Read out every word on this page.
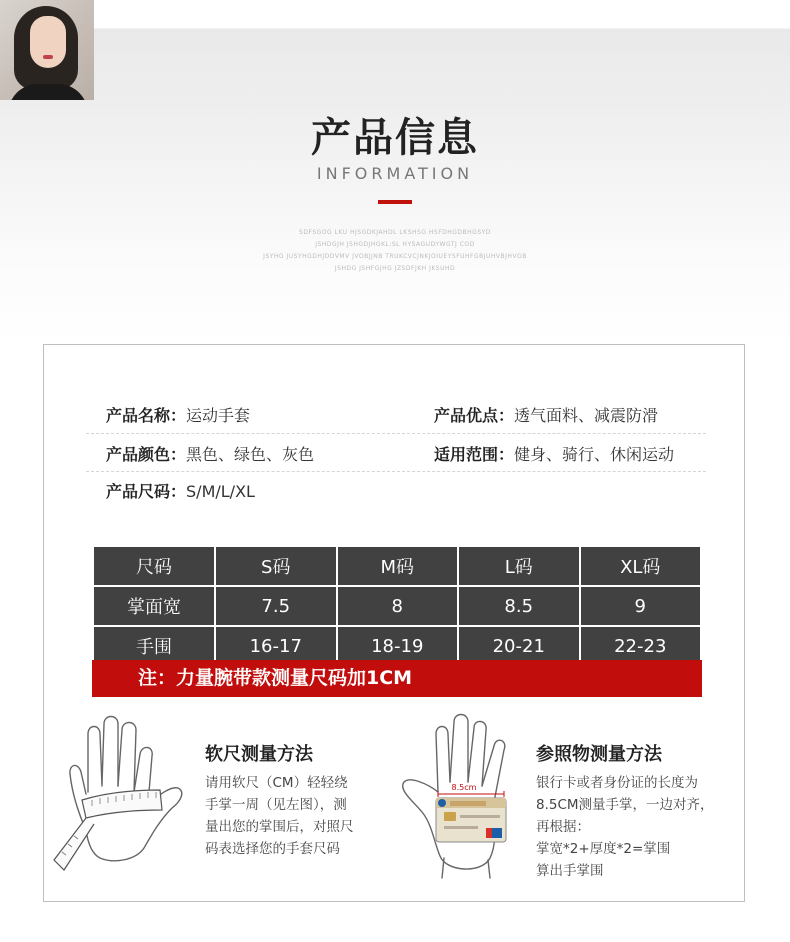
产品信息
INFORMATION
SDFSGOG LKU HJSGDKJAHDL LKSHSG HSFDHGDBHGSYD
JSHDGJH JSHGDJHGKL;SL HYSAGUDYWGTJ COD
JSYHG JUSYHGDHJDDVMV JVOBJJNB TRUKCVCJNKJOIUEYSFUHFGBJUHVBJHVGB
JSHDG JSHFGJHG JZSDFJKH JKSUHD
产品名称：运动手套	产品优点：透气面料、减震防滑
产品颜色：黑色、绿色、灰色	适用范围：健身、骑行、休闲运动
产品尺码：S/M/L/XL
尺码	S码	M码	L码	XL码
掌面宽	7.5	8	8.5	9
手围	16-17	18-19	20-21	22-23
注：力量腕带款测量尺码加1CM
软尺测量方法
请用软尺（CM）轻轻绕
手掌一周（见左图），测
量出您的掌围后，对照尺
码表选择您的手套尺码
8.5cm
参照物测量方法
银行卡或者身份证的长度为
8.5CM测量手掌，一边对齐，
再根据：
掌宽*2+厚度*2=掌围
算出手掌围
